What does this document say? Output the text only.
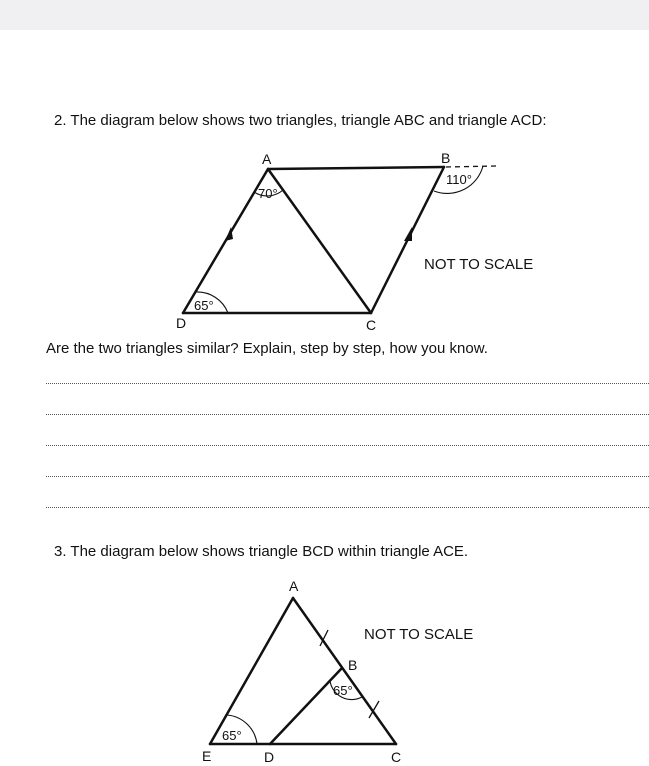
2. The diagram below shows two triangles, triangle ABC and triangle ACD:
A	B
C
D
70°
110°
65°
NOT TO SCALE
Are the two triangles similar? Explain, step by step, how you know.
3. The diagram below shows triangle BCD within triangle ACE.
A
B
C
D
E
65°
65°
NOT TO SCALE
